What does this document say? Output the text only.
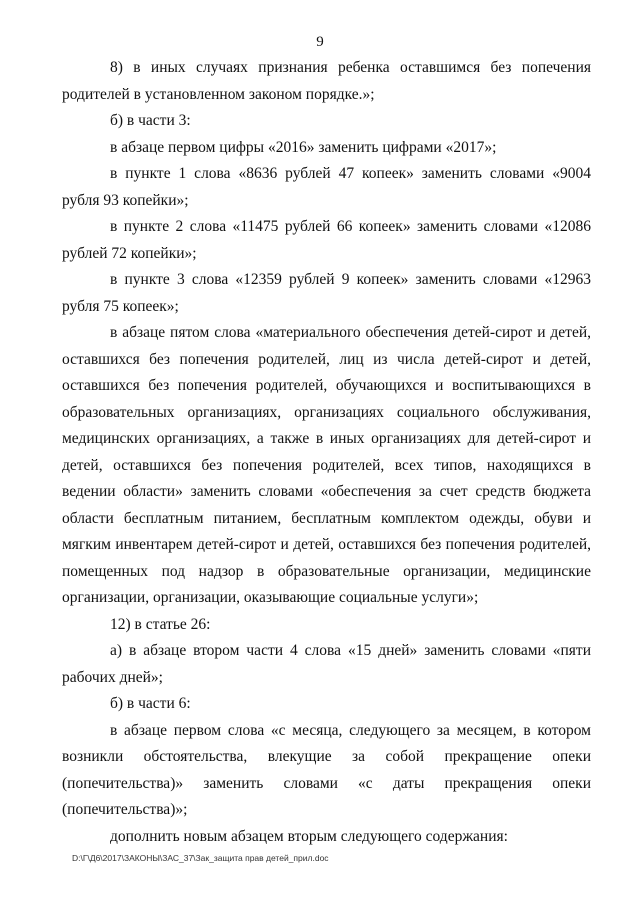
9

8) в иных случаях признания ребенка оставшимся без попечения родителей в установленном законом порядке.»;

б) в части 3:

в абзаце первом цифры «2016» заменить цифрами «2017»;

в пункте 1 слова «8636 рублей 47 копеек» заменить словами «9004 рубля 93 копейки»;

в пункте 2 слова «11475 рублей 66 копеек» заменить словами «12086 рублей 72 копейки»;

в пункте 3 слова «12359 рублей 9 копеек» заменить словами «12963 рубля 75 копеек»;

в абзаце пятом слова «материального обеспечения детей-сирот и детей, оставшихся без попечения родителей, лиц из числа детей-сирот и детей, оставшихся без попечения родителей, обучающихся и воспитывающихся в образовательных организациях, организациях социального обслуживания, медицинских организациях, а также в иных организациях для детей-сирот и детей, оставшихся без попечения родителей, всех типов, находящихся в ведении области» заменить словами «обеспечения за счет средств бюджета области бесплатным питанием, бесплатным комплектом одежды, обуви и мягким инвентарем детей-сирот и детей, оставшихся без попечения родителей, помещенных под надзор в образовательные организации, медицинские организации, организации, оказывающие социальные услуги»;

12) в статье 26:

а) в абзаце втором части 4 слова «15 дней» заменить словами «пяти рабочих дней»;

б) в части 6:

в абзаце первом слова «с месяца, следующего за месяцем, в котором возникли обстоятельства, влекущие за собой прекращение опеки (попечительства)» заменить словами «с даты прекращения опеки (попечительства)»;

дополнить новым абзацем вторым следующего содержания:

D:\Г\Д6\2017\ЗАКОНЫ\ЗАС_37\Зак_защита прав детей_прил.doc
